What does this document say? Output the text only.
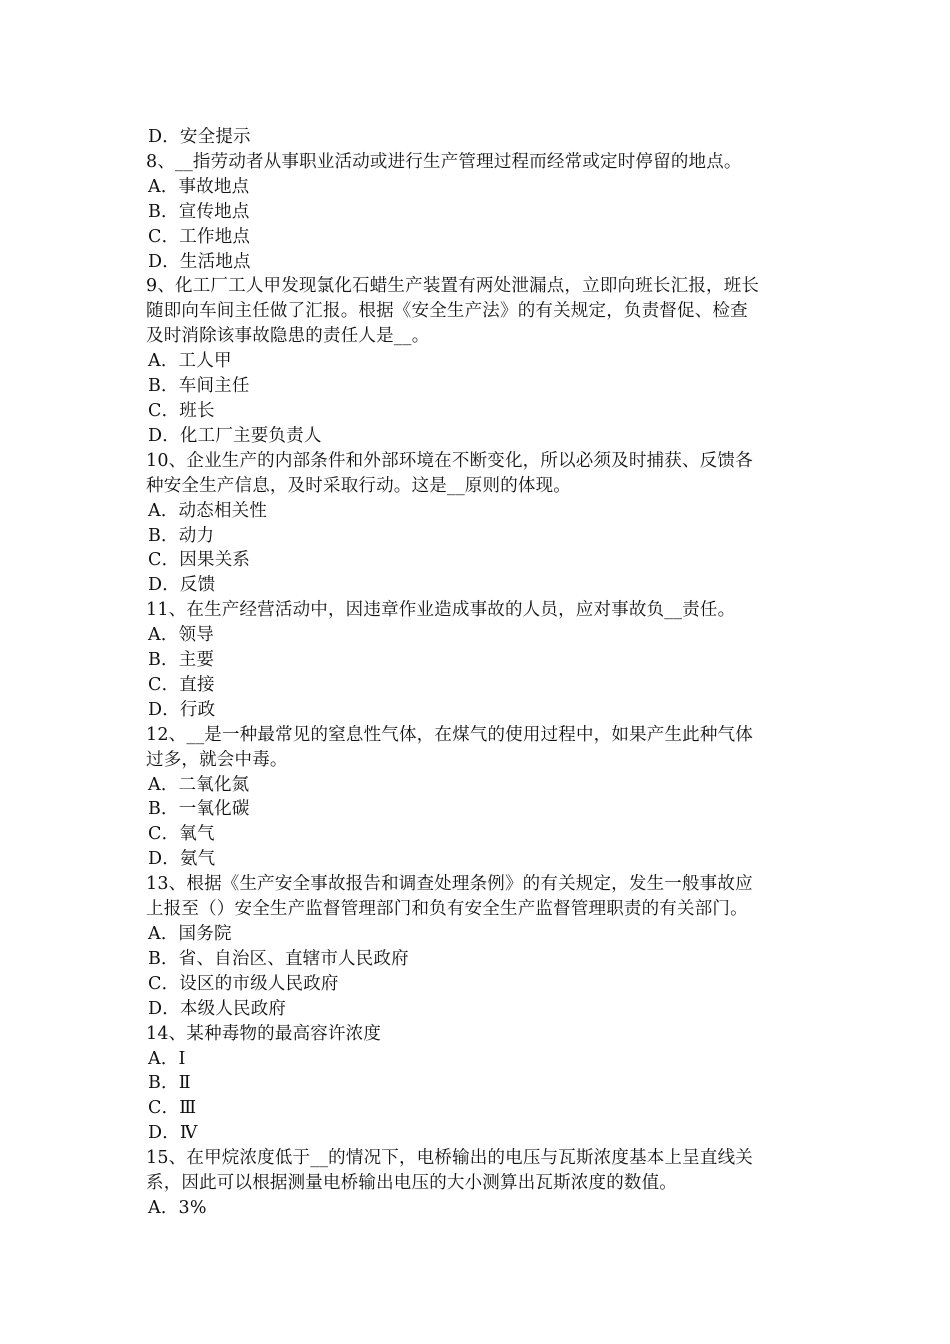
D．安全提示
8、__指劳动者从事职业活动或进行生产管理过程而经常或定时停留的地点。
A．事故地点
B．宣传地点
C．工作地点
D．生活地点
9、化工厂工人甲发现氯化石蜡生产装置有两处泄漏点，立即向班长汇报，班长
随即向车间主任做了汇报。根据《安全生产法》的有关规定，负责督促、检查
及时消除该事故隐患的责任人是__。
A．工人甲
B．车间主任
C．班长
D．化工厂主要负责人
10、企业生产的内部条件和外部环境在不断变化，所以必须及时捕获、反馈各
种安全生产信息，及时采取行动。这是__原则的体现。
A．动态相关性
B．动力
C．因果关系
D．反馈
11、在生产经营活动中，因违章作业造成事故的人员，应对事故负__责任。
A．领导
B．主要
C．直接
D．行政
12、__是一种最常见的窒息性气体，在煤气的使用过程中，如果产生此种气体
过多，就会中毒。
A．二氧化氮
B．一氧化碳
C．氧气
D．氨气
13、根据《生产安全事故报告和调查处理条例》的有关规定，发生一般事故应
上报至（）安全生产监督管理部门和负有安全生产监督管理职责的有关部门。
A．国务院
B．省、自治区、直辖市人民政府
C．设区的市级人民政府
D．本级人民政府
14、某种毒物的最高容许浓度
A．Ⅰ
B．Ⅱ
C．Ⅲ
D．Ⅳ
15、在甲烷浓度低于__的情况下，电桥输出的电压与瓦斯浓度基本上呈直线关
系，因此可以根据测量电桥输出电压的大小测算出瓦斯浓度的数值。
A．3%
